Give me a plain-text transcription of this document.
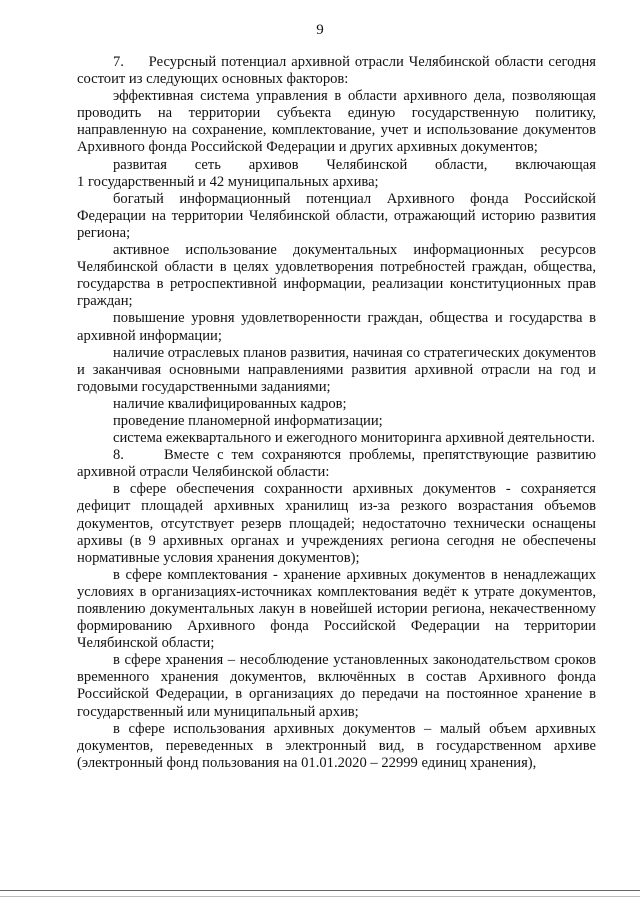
9

7.     Ресурсный потенциал архивной отрасли Челябинской области сегодня состоит из следующих основных факторов:

эффективная система управления в области архивного дела, позволяющая проводить на территории субъекта единую государственную политику, направленную на сохранение, комплектование, учет и использование документов Архивного фонда Российской Федерации и других архивных документов;

развитая сеть архивов Челябинской области, включающая

1 государственный и 42 муниципальных архива;

богатый информационный потенциал Архивного фонда Российской Федерации на территории Челябинской области, отражающий историю развития региона;

активное использование документальных информационных ресурсов Челябинской области в целях удовлетворения потребностей граждан, общества, государства в ретроспективной информации, реализации конституционных прав граждан;

повышение уровня удовлетворенности граждан, общества и государства в архивной информации;

наличие отраслевых планов развития, начиная со стратегических документов и заканчивая основными направлениями развития архивной отрасли на год и годовыми государственными заданиями;

наличие квалифицированных кадров;

проведение планомерной информатизации;

система ежеквартального и ежегодного мониторинга архивной деятельности.

8.     Вместе с тем сохраняются проблемы, препятствующие развитию архивной отрасли Челябинской области:

в сфере обеспечения сохранности архивных документов - сохраняется дефицит площадей архивных хранилищ из-за резкого возрастания объемов документов, отсутствует резерв площадей; недостаточно технически оснащены архивы (в 9 архивных органах и учреждениях региона сегодня не обеспечены нормативные условия хранения документов);

в сфере комплектования - хранение архивных документов в ненадлежащих условиях в организациях-источниках комплектования ведёт к утрате документов, появлению документальных лакун в новейшей истории региона, некачественному формированию Архивного фонда Российской Федерации на территории Челябинской области;

в сфере хранения – несоблюдение установленных законодательством сроков временного хранения документов, включённых в состав Архивного фонда Российской Федерации, в организациях до передачи на постоянное хранение в государственный или муниципальный архив;

в сфере использования архивных документов – малый объем архивных документов, переведенных в электронный вид, в государственном архиве (электронный фонд пользования на 01.01.2020 – 22999 единиц хранения),
